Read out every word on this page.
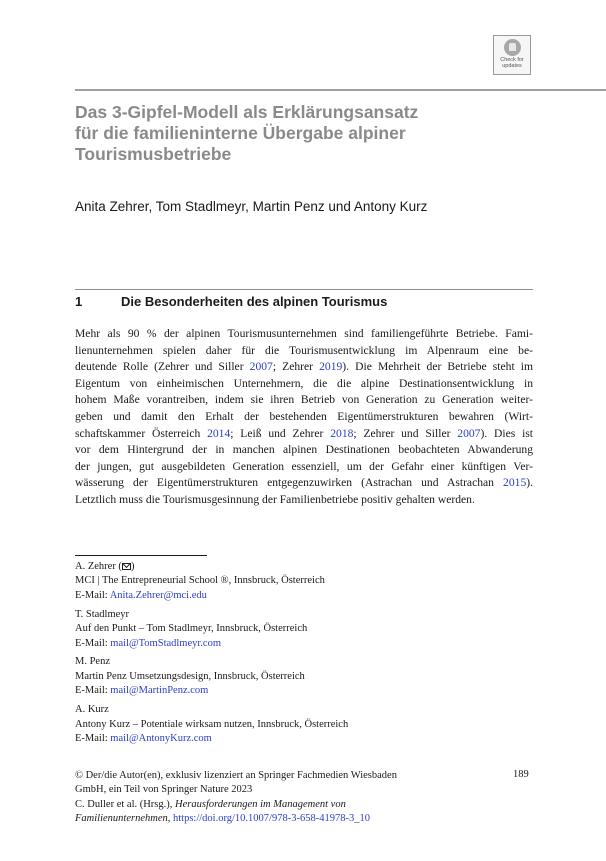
Check for
updates
Das 3-Gipfel-Modell als Erklärungsansatz
für die familieninterne Übergabe alpiner
Tourismusbetriebe
Anita Zehrer, Tom Stadlmeyr, Martin Penz und Antony Kurz
1	Die Besonderheiten des alpinen Tourismus
Mehr als 90 % der alpinen Tourismusunternehmen sind familiengeführte Betriebe. Fami-
lienunternehmen spielen daher für die Tourismusentwicklung im Alpenraum eine be-
deutende Rolle (Zehrer und Siller 2007; Zehrer 2019). Die Mehrheit der Betriebe steht im
Eigentum von einheimischen Unternehmern, die die alpine Destinationsentwicklung in
hohem Maße vorantreiben, indem sie ihren Betrieb von Generation zu Generation weiter-
geben und damit den Erhalt der bestehenden Eigentümerstrukturen bewahren (Wirt-
schaftskammer Österreich 2014; Leiß und Zehrer 2018; Zehrer und Siller 2007). Dies ist
vor dem Hintergrund der in manchen alpinen Destinationen beobachteten Abwanderung
der jungen, gut ausgebildeten Generation essenziell, um der Gefahr einer künftigen Ver-
wässerung der Eigentümerstrukturen entgegenzuwirken (Astrachan und Astrachan 2015).
Letztlich muss die Tourismusgesinnung der Familienbetriebe positiv gehalten werden.
A. Zehrer ( )
MCI | The Entrepreneurial School ®, Innsbruck, Österreich
E-Mail: Anita.Zehrer@mci.edu
T. Stadlmeyr
Auf den Punkt – Tom Stadlmeyr, Innsbruck, Österreich
E-Mail: mail@TomStadlmeyr.com
M. Penz
Martin Penz Umsetzungsdesign, Innsbruck, Österreich
E-Mail: mail@MartinPenz.com
A. Kurz
Antony Kurz – Potentiale wirksam nutzen, Innsbruck, Österreich
E-Mail: mail@AntonyKurz.com
© Der/die Autor(en), exklusiv lizenziert an Springer Fachmedien Wiesbaden
GmbH, ein Teil von Springer Nature 2023
C. Duller et al. (Hrsg.), Herausforderungen im Management von
Familienunternehmen, https://doi.org/10.1007/978-3-658-41978-3_10
189
